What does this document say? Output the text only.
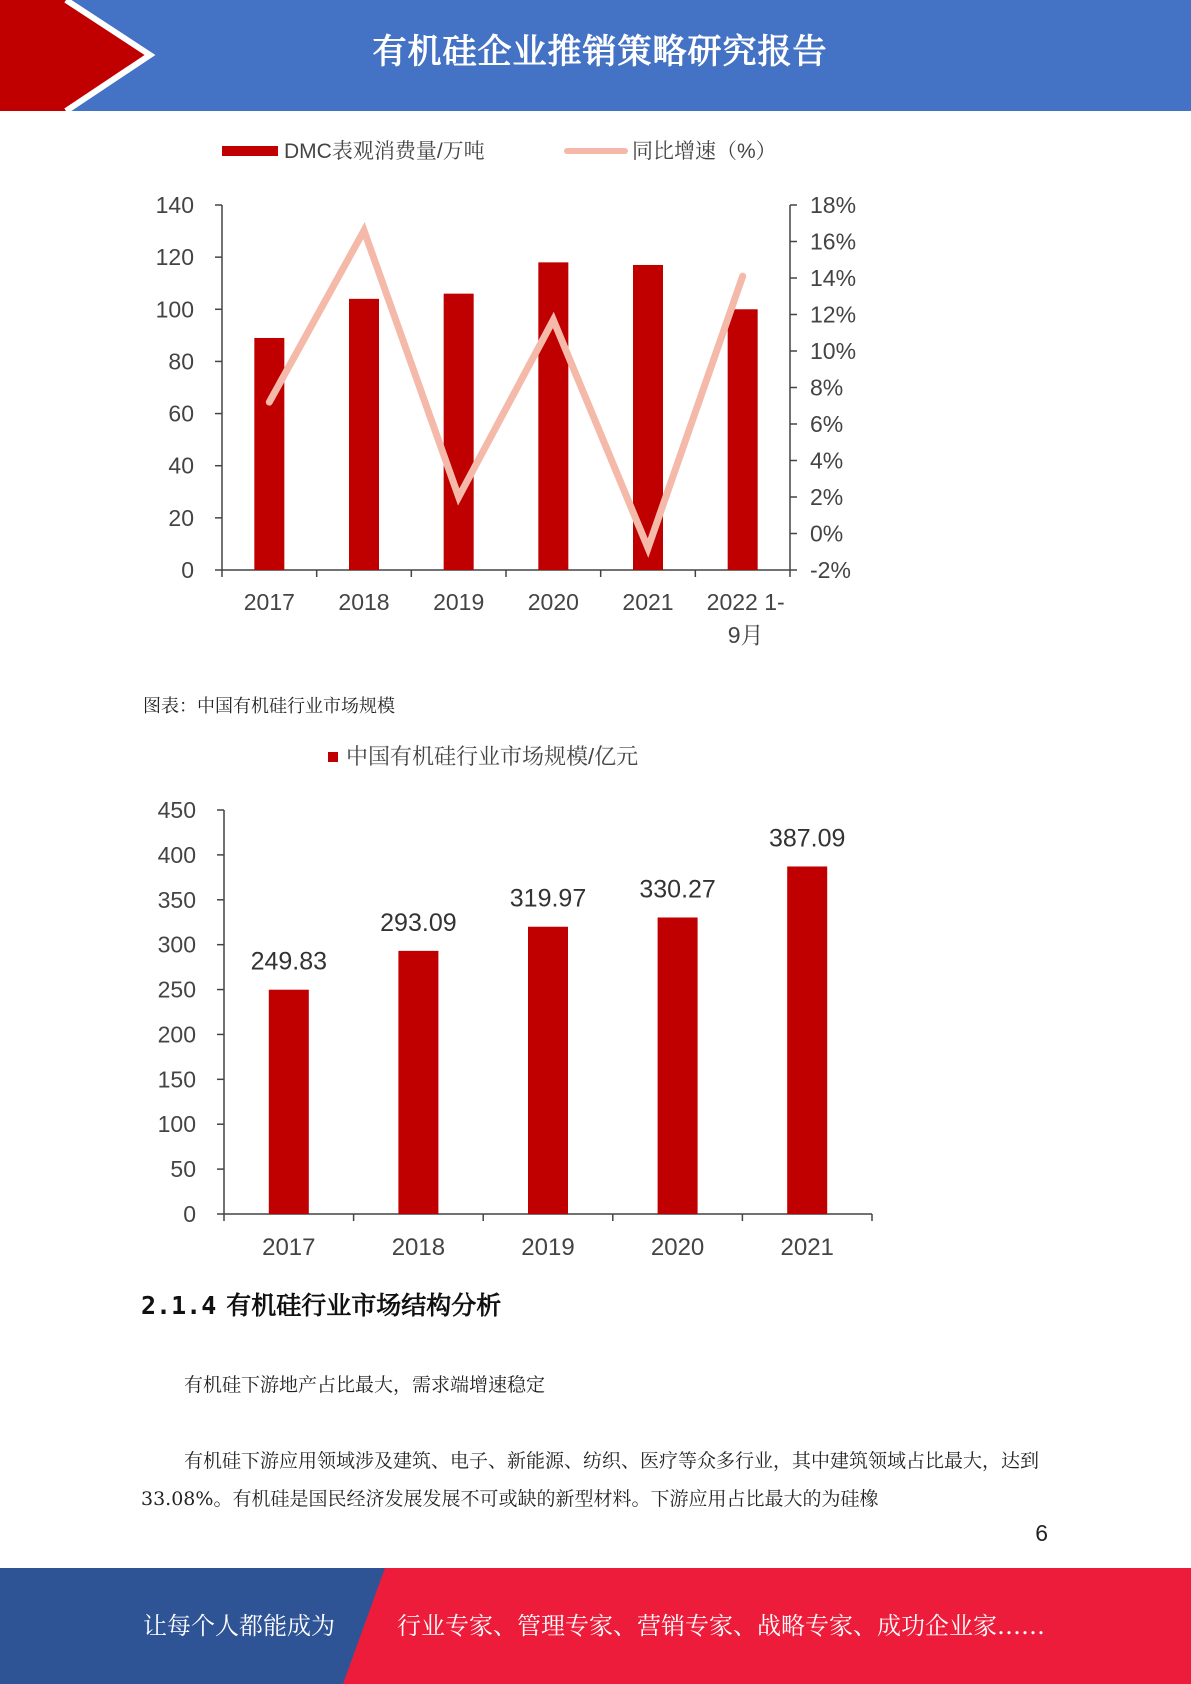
有机硅企业推销策略研究报告
DMC表观消费量/万吨	同比增速（%）
0
20
40
60
80
100
120
140
-2%
0%
2%
4%
6%
8%
10%
12%
14%
16%
18%
2017 2018 2019 2020 2021 2022 1-9月
图表：中国有机硅行业市场规模
中国有机硅行业市场规模/亿元
0
50
100
150
200
250
300
350
400
450
2017	2018	2019	2020	2021
249.83
293.09
319.97 330.27
387.09
2.1.4 有机硅行业市场结构分析

有机硅下游地产占比最大，需求端增速稳定

有机硅下游应用领域涉及建筑、电子、新能源、纺织、医疗等众多行业，其中建筑领域占比最大，达到 33.08%。有机硅是国民经济发展发展不可或缺的新型材料。下游应用占比最大的为硅橡

6
让每个人都能成为	行业专家、管理专家、营销专家、战略专家、成功企业家……
